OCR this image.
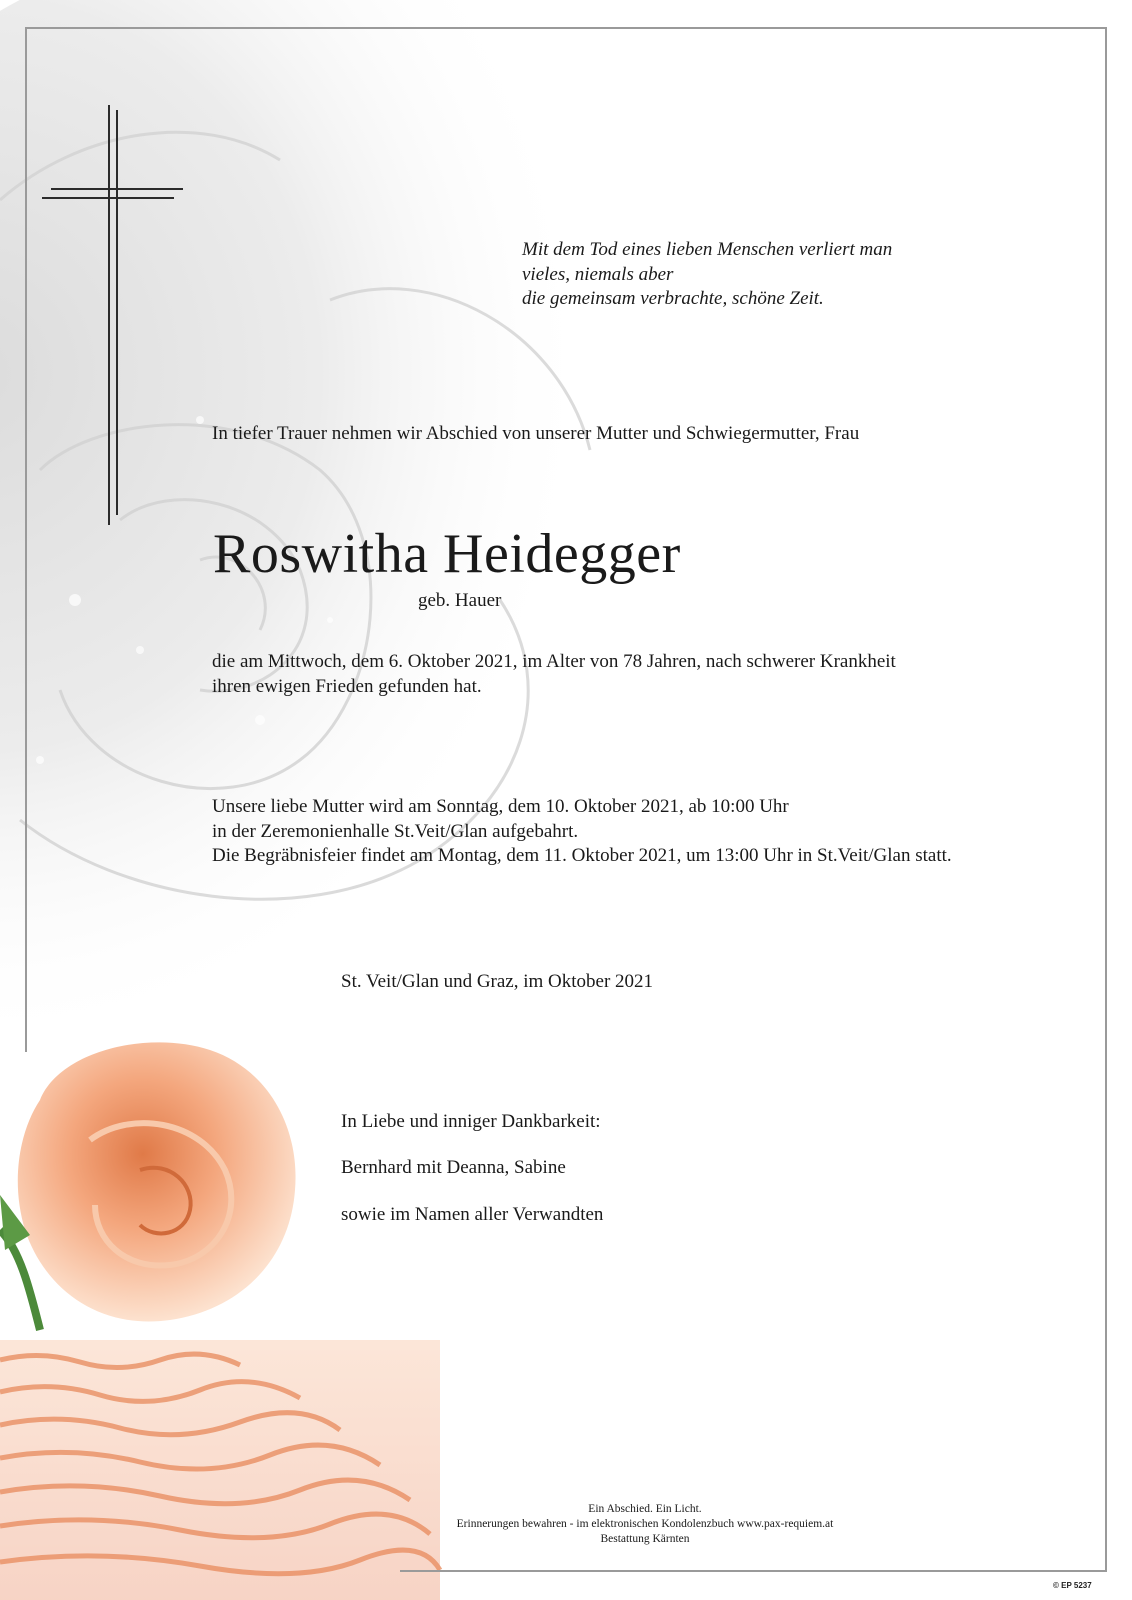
Mit dem Tod eines lieben Menschen verliert man
vieles, niemals aber
die gemeinsam verbrachte, schöne Zeit.

In tiefer Trauer nehmen wir Abschied von unserer Mutter und Schwiegermutter, Frau

Roswitha Heidegger

geb. Hauer

die am Mittwoch, dem 6. Oktober 2021, im Alter von 78 Jahren, nach schwerer Krankheit
ihren ewigen Frieden gefunden hat.

Unsere liebe Mutter wird am Sonntag, dem 10. Oktober 2021, ab 10:00 Uhr
in der Zeremonienhalle St.Veit/Glan aufgebahrt.
Die Begräbnisfeier findet am Montag, dem 11. Oktober 2021, um 13:00 Uhr in St.Veit/Glan statt.

St. Veit/Glan und Graz, im Oktober 2021

In Liebe und inniger Dankbarkeit:

Bernhard mit Deanna, Sabine

sowie im Namen aller Verwandten

Ein Abschied. Ein Licht.

Erinnerungen bewahren - im elektronischen Kondolenzbuch www.pax-requiem.at

Bestattung Kärnten

© EP 5237
